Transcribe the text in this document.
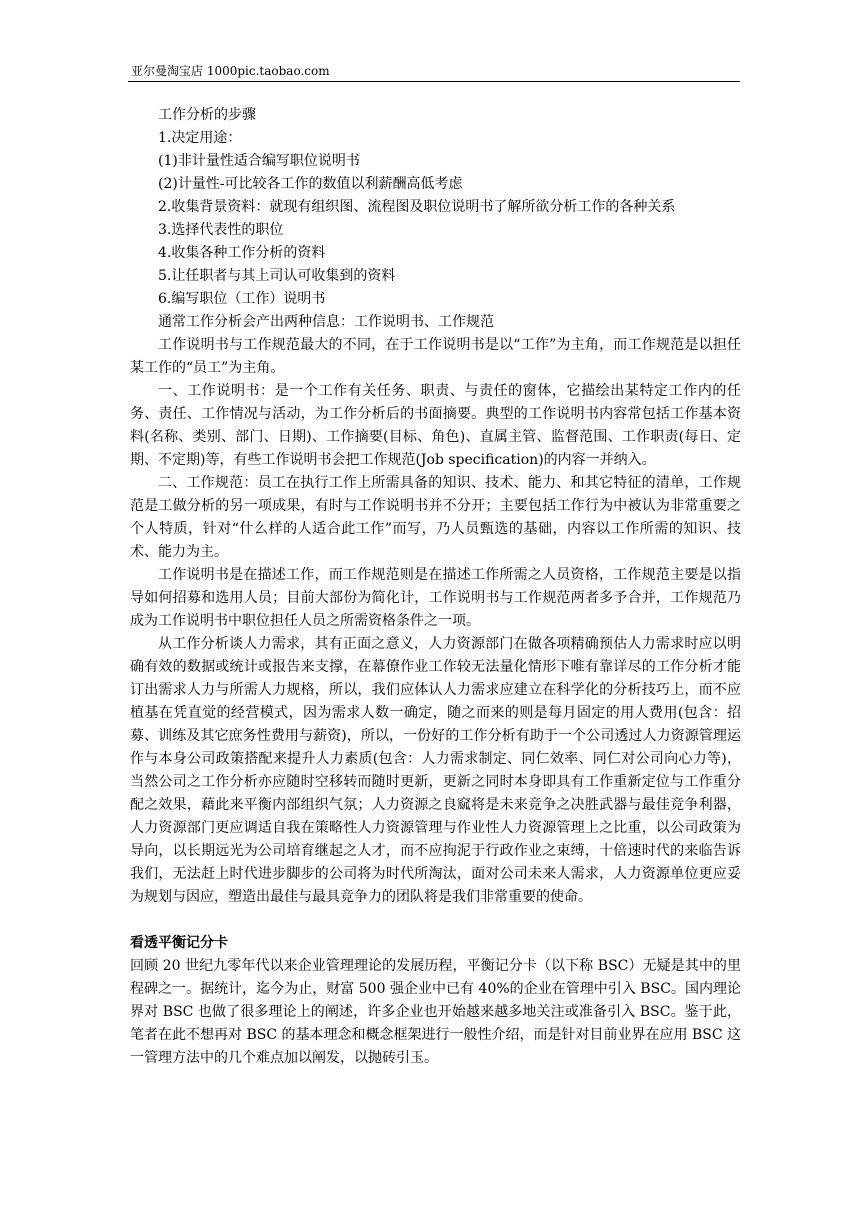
亚尔曼淘宝店 1000pic.taobao.com

工作分析的步骤

1.决定用途：

(1)非计量性适合编写职位说明书

(2)计量性-可比较各工作的数值以利薪酬高低考虑

2.收集背景资料：就现有组织图、流程图及职位说明书了解所欲分析工作的各种关系

3.选择代表性的职位

4.收集各种工作分析的资料

5.让任职者与其上司认可收集到的资料

6.编写职位（工作）说明书

通常工作分析会产出两种信息：工作说明书、工作规范

工作说明书与工作规范最大的不同，在于工作说明书是以“工作”为主角，而工作规范是以担任某工作的“员工”为主角。

一、工作说明书：是一个工作有关任务、职责、与责任的窗体，它描绘出某特定工作内的任务、责任、工作情况与活动，为工作分析后的书面摘要。典型的工作说明书内容常包括工作基本资料(名称、类别、部门、日期)、工作摘要(目标、角色)、直属主管、监督范围、工作职责(每日、定期、不定期)等，有些工作说明书会把工作规范(Job specification)的内容一并纳入。

二、工作规范：员工在执行工作上所需具备的知识、技术、能力、和其它特征的清单，工作规范是工做分析的另一项成果，有时与工作说明书并不分开；主要包括工作行为中被认为非常重要之个人特质，针对“什么样的人适合此工作”而写，乃人员甄选的基础，内容以工作所需的知识、技术、能力为主。

工作说明书是在描述工作，而工作规范则是在描述工作所需之人员资格，工作规范主要是以指导如何招募和选用人员；目前大部份为简化计，工作说明书与工作规范两者多予合并，工作规范乃成为工作说明书中职位担任人员之所需资格条件之一项。

从工作分析谈人力需求，其有正面之意义，人力资源部门在做各项精确预估人力需求时应以明确有效的数据或统计或报告来支撑，在幕僚作业工作较无法量化情形下唯有靠详尽的工作分析才能订出需求人力与所需人力规格，所以，我们应体认人力需求应建立在科学化的分析技巧上，而不应植基在凭直觉的经营模式，因为需求人数一确定，随之而来的则是每月固定的用人费用(包含：招募、训练及其它庶务性费用与薪资)，所以，一份好的工作分析有助于一个公司透过人力资源管理运作与本身公司政策搭配来提升人力素质(包含：人力需求制定、同仁效率、同仁对公司向心力等)，当然公司之工作分析亦应随时空移转而随时更新，更新之同时本身即具有工作重新定位与工作重分配之效果，藉此来平衡内部组织气氛；人力资源之良窳将是未来竞争之决胜武器与最佳竞争利器，人力资源部门更应调适自我在策略性人力资源管理与作业性人力资源管理上之比重，以公司政策为导向，以长期远光为公司培育继起之人才，而不应拘泥于行政作业之束缚，十倍速时代的来临告诉我们，无法赶上时代进步脚步的公司将为时代所淘汰，面对公司未来人需求，人力资源单位更应妥为规划与因应，塑造出最佳与最具竞争力的团队将是我们非常重要的使命。

看透平衡记分卡

回顾 20 世纪九零年代以来企业管理理论的发展历程，平衡记分卡（以下称 BSC）无疑是其中的里程碑之一。据统计，迄今为止，财富 500 强企业中已有 40%的企业在管理中引入 BSC。国内理论界对 BSC 也做了很多理论上的阐述，许多企业也开始越来越多地关注或准备引入 BSC。鉴于此，笔者在此不想再对 BSC 的基本理念和概念框架进行一般性介绍，而是针对目前业界在应用 BSC 这一管理方法中的几个难点加以阐发，以抛砖引玉。
